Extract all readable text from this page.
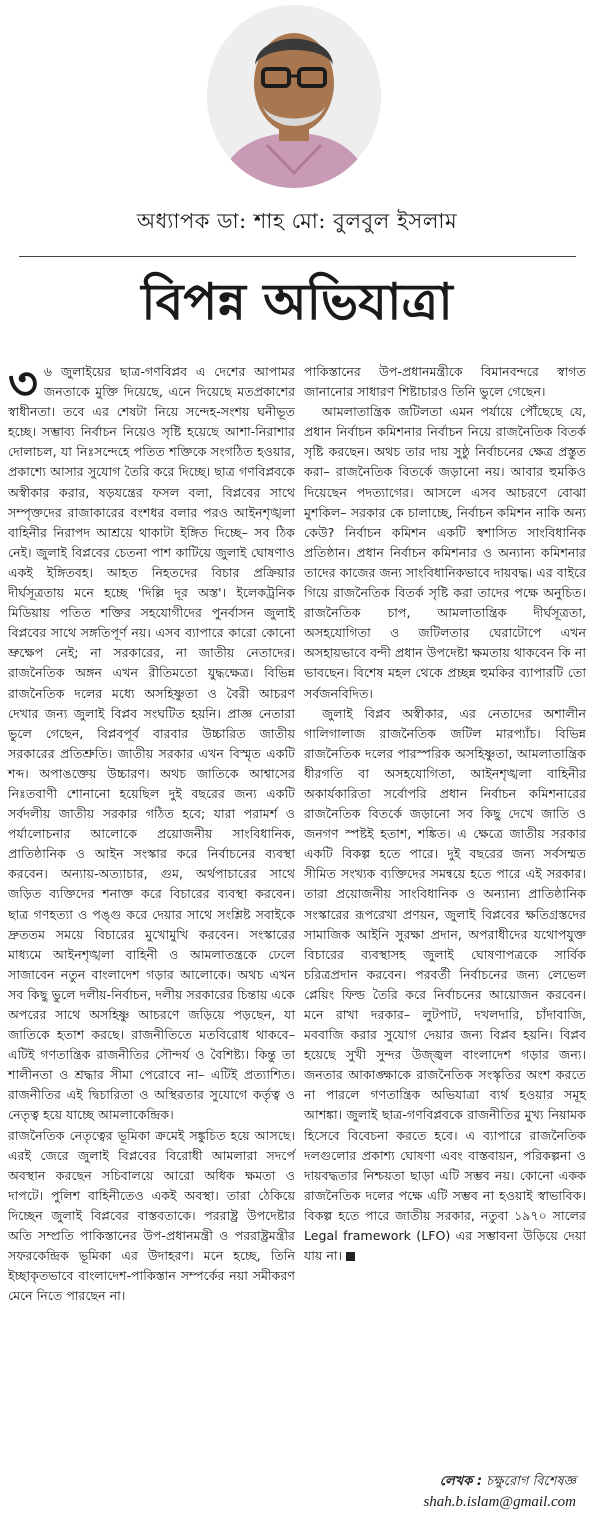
অধ্যাপক ডা: শাহ মো: বুলবুল ইসলাম
বিপন্ন অভিযাত্রা

৩ ৬ জুলাইয়ের ছাত্র-গণবিপ্লব এ দেশের আপামর জনতাকে মুক্তি দিয়েছে, এনে দিয়েছে মতপ্রকাশের স্বাধীনতা। তবে এর শেষটা নিয়ে সন্দেহ-সংশয় ঘনীভূত হচ্ছে। সম্ভাব্য নির্বাচন নিয়েও সৃষ্টি হয়েছে আশা-নিরাশার দোলাচল, যা নিঃসন্দেহে পতিত শক্তিকে সংগঠিত হওয়ার, প্রকাশ্যে আসার সুযোগ তৈরি করে দিচ্ছে। ছাত্র গণবিপ্লবকে অস্বীকার করার, ষড়যন্ত্রের ফসল বলা, বিপ্লবের সাথে সম্পৃক্তদের রাজাকারের বংশধর বলার পরও আইনশৃঙ্খলা বাহিনীর নিরাপদ আশ্রয়ে থাকাটা ইঙ্গিত দিচ্ছে– সব ঠিক নেই। জুলাই বিপ্লবের চেতনা পাশ কাটিয়ে জুলাই ঘোষণাও একই ইঙ্গিতবহ। আহত নিহতদের বিচার প্রক্রিয়ার দীর্ঘসূত্রতায় মনে হচ্ছে 'দিল্লি দূর অস্ত'। ইলেকট্রনিক মিডিয়ায় পতিত শক্তির সহযোগীদের পুনর্বাসন জুলাই বিপ্লবের সাথে সঙ্গতিপূর্ণ নয়। এসব ব্যাপারে কারো কোনো ভ্রুক্ষেপ নেই; না সরকারের, না জাতীয় নেতাদের। রাজনৈতিক অঙ্গন এখন রীতিমতো যুদ্ধক্ষেত্র। বিভিন্ন রাজনৈতিক দলের মধ্যে অসহিষ্ণুতা ও বৈরী আচরণ দেখার জন্য জুলাই বিপ্লব সংঘটিত হয়নি। প্রাজ্ঞ নেতারা ভুলে গেছেন, বিপ্লবপূর্ব বারবার উচ্চারিত জাতীয় সরকারের প্রতিশ্রুতি। জাতীয় সরকার এখন বিস্মৃত একটি শব্দ। অপাঙক্তেয় উচ্চারণ। অথচ জাতিকে আশ্বাসের নিঃতবাণী শোনানো হয়েছিল দুই বছরের জন্য একটি সর্বদলীয় জাতীয় সরকার গঠিত হবে; যারা পরামর্শ ও পর্যালোচনার আলোকে প্রয়োজনীয় সাংবিধানিক, প্রাতিষ্ঠানিক ও আইন সংস্কার করে নির্বাচনের ব্যবস্থা করবেন। অন্যায়-অত্যাচার, গুম, অর্থপাচারের সাথে জড়িত ব্যক্তিদের শনাক্ত করে বিচারের ব্যবস্থা করবেন। ছাত্র গণহত্যা ও পঙ্গু করে দেয়ার সাথে সংশ্লিষ্ট সবাইকে দ্রুততম সময়ে বিচারের মুখোমুখি করবেন। সংস্কারের মাধ্যমে আইনশৃঙ্খলা বাহিনী ও আমলাতন্ত্রকে ঢেলে সাজাবেন নতুন বাংলাদেশ গড়ার আলোকে। অথচ এখন সব কিছু ভুলে দলীয়-নির্বাচন, দলীয় সরকারের চিন্তায় একে অপরের সাথে অসহিষ্ণু আচরণে জড়িয়ে পড়ছেন, যা জাতিকে হতাশ করছে। রাজনীতিতে মতবিরোধ থাকবে– এটিই গণতান্ত্রিক রাজনীতির সৌন্দর্য ও বৈশিষ্ট্য। কিন্তু তা শালীনতা ও শ্রদ্ধার সীমা পেরোবে না– এটিই প্রত্যাশিত। রাজনীতির এই দ্বিচারিতা ও অস্থিরতার সুযোগে কর্তৃত্ব ও নেতৃত্ব হয়ে যাচ্ছে আমলাকেন্দ্রিক।

রাজনৈতিক নেতৃত্বের ভূমিকা ক্রমেই সঙ্কুচিত হয়ে আসছে। এরই জেরে জুলাই বিপ্লবের বিরোধী আমলারা সদর্পে অবস্থান করছেন সচিবালয়ে আরো অধিক ক্ষমতা ও দাপটে। পুলিশ বাহিনীতেও একই অবস্থা। তারা ঠেকিয়ে দিচ্ছেন জুলাই বিপ্লবের বাস্তবতাকে। পররাষ্ট্র উপদেষ্টার অতি সম্প্রতি পাকিস্তানের উপ-প্রধানমন্ত্রী ও পররাষ্ট্রমন্ত্রীর সফরকেন্দ্রিক ভূমিকা এর উদাহরণ। মনে হচ্ছে, তিনি ইচ্ছাকৃতভাবে বাংলাদেশ-পাকিস্তান সম্পর্কের নয়া সমীকরণ মেনে নিতে পারছেন না।

পাকিস্তানের উপ-প্রধানমন্ত্রীকে বিমানবন্দরে স্বাগত জানানোর সাধারণ শিষ্টাচারও তিনি ভুলে গেছেন।

আমলাতান্ত্রিক জটিলতা এমন পর্যায়ে পৌঁছেছে যে, প্রধান নির্বাচন কমিশনার নির্বাচন নিয়ে রাজনৈতিক বিতর্ক সৃষ্টি করছেন। অথচ তার দায় সুষ্ঠু নির্বাচনের ক্ষেত্র প্রস্তুত করা– রাজনৈতিক বিতর্কে জড়ানো নয়। আবার হুমকিও দিয়েছেন পদত্যাগের। আসলে এসব আচরণে বোঝা মুশকিল– সরকার কে চালাচ্ছে, নির্বাচন কমিশন নাকি অন্য কেউ? নির্বাচন কমিশন একটি স্বশাসিত সাংবিধানিক প্রতিষ্ঠান। প্রধান নির্বাচন কমিশনার ও অন্যান্য কমিশনার তাদের কাজের জন্য সাংবিধানিকভাবে দায়বদ্ধ। এর বাইরে গিয়ে রাজনৈতিক বিতর্ক সৃষ্টি করা তাদের পক্ষে অনুচিত। রাজনৈতিক চাপ, আমলাতান্ত্রিক দীর্ঘসূত্রতা, অসহযোগিতা ও জটিলতার ঘেরাটোপে এখন অসহায়ভাবে বন্দী প্রধান উপদেষ্টা ক্ষমতায় থাকবেন কি না ভাবছেন। বিশেষ মহল থেকে প্রচ্ছন্ন হুমকির ব্যাপারটি তো সর্বজনবিদিত।

জুলাই বিপ্লব অস্বীকার, এর নেতাদের অশালীন গালিগালাজ রাজনৈতিক জটিল মারপ্যাঁচ। বিভিন্ন রাজনৈতিক দলের পারস্পরিক অসহিষ্ণুতা, আমলাতান্ত্রিক ধীরগতি বা অসহযোগিতা, আইনশৃঙ্খলা বাহিনীর অকার্যকারিতা সর্বোপরি প্রধান নির্বাচন কমিশনারের রাজনৈতিক বিতর্কে জড়ানো সব কিছু দেখে জাতি ও জনগণ স্পষ্টই হতাশ, শঙ্কিত। এ ক্ষেত্রে জাতীয় সরকার একটি বিকল্প হতে পারে। দুই বছরের জন্য সর্বসম্মত সীমিত সংখ্যক ব্যক্তিদের সমন্বয়ে হতে পারে এই সরকার। তারা প্রয়োজনীয় সাংবিধানিক ও অন্যান্য প্রাতিষ্ঠানিক সংস্কারের রূপরেখা প্রণয়ন, জুলাই বিপ্লবের ক্ষতিগ্রস্তদের সামাজিক আইনি সুরক্ষা প্রদান, অপরাধীদের যথোপযুক্ত বিচারের ব্যবস্থাসহ জুলাই ঘোষণাপত্রকে সার্বিক চরিত্রপ্রদান করবেন। পরবর্তী নির্বাচনের জন্য লেভেল প্লেয়িং ফিল্ড তৈরি করে নির্বাচনের আয়োজন করবেন। মনে রাখা দরকার– লুটপাট, দখলদারি, চাঁদাবাজি, মববাজি করার সুযোগ দেয়ার জন্য বিপ্লব হয়নি। বিপ্লব হয়েছে সুখী সুন্দর উজ্জ্বল বাংলাদেশ গড়ার জন্য। জনতার আকাঙ্ক্ষাকে রাজনৈতিক সংস্কৃতির অংশ করতে না পারলে গণতান্ত্রিক অভিযাত্রা ব্যর্থ হওয়ার সমূহ আশঙ্কা। জুলাই ছাত্র-গণবিপ্লবকে রাজনীতির মুখ্য নিয়ামক হিসেবে বিবেচনা করতে হবে। এ ব্যাপারে রাজনৈতিক দলগুলোর প্রকাশ্য ঘোষণা এবং বাস্তবায়ন, পরিকল্পনা ও দায়বদ্ধতার নিশ্চয়তা ছাড়া এটি সম্ভব নয়। কোনো একক রাজনৈতিক দলের পক্ষে এটি সম্ভব না হওয়াই স্বাভাবিক। বিকল্প হতে পারে জাতীয় সরকার, নতুবা ১৯৭০ সালের Legal framework (LFO) এর সম্ভাবনা উড়িয়ে দেয়া যায় না।

লেখক : চক্ষুরোগ বিশেষজ্ঞ
shah.b.islam@gmail.com
